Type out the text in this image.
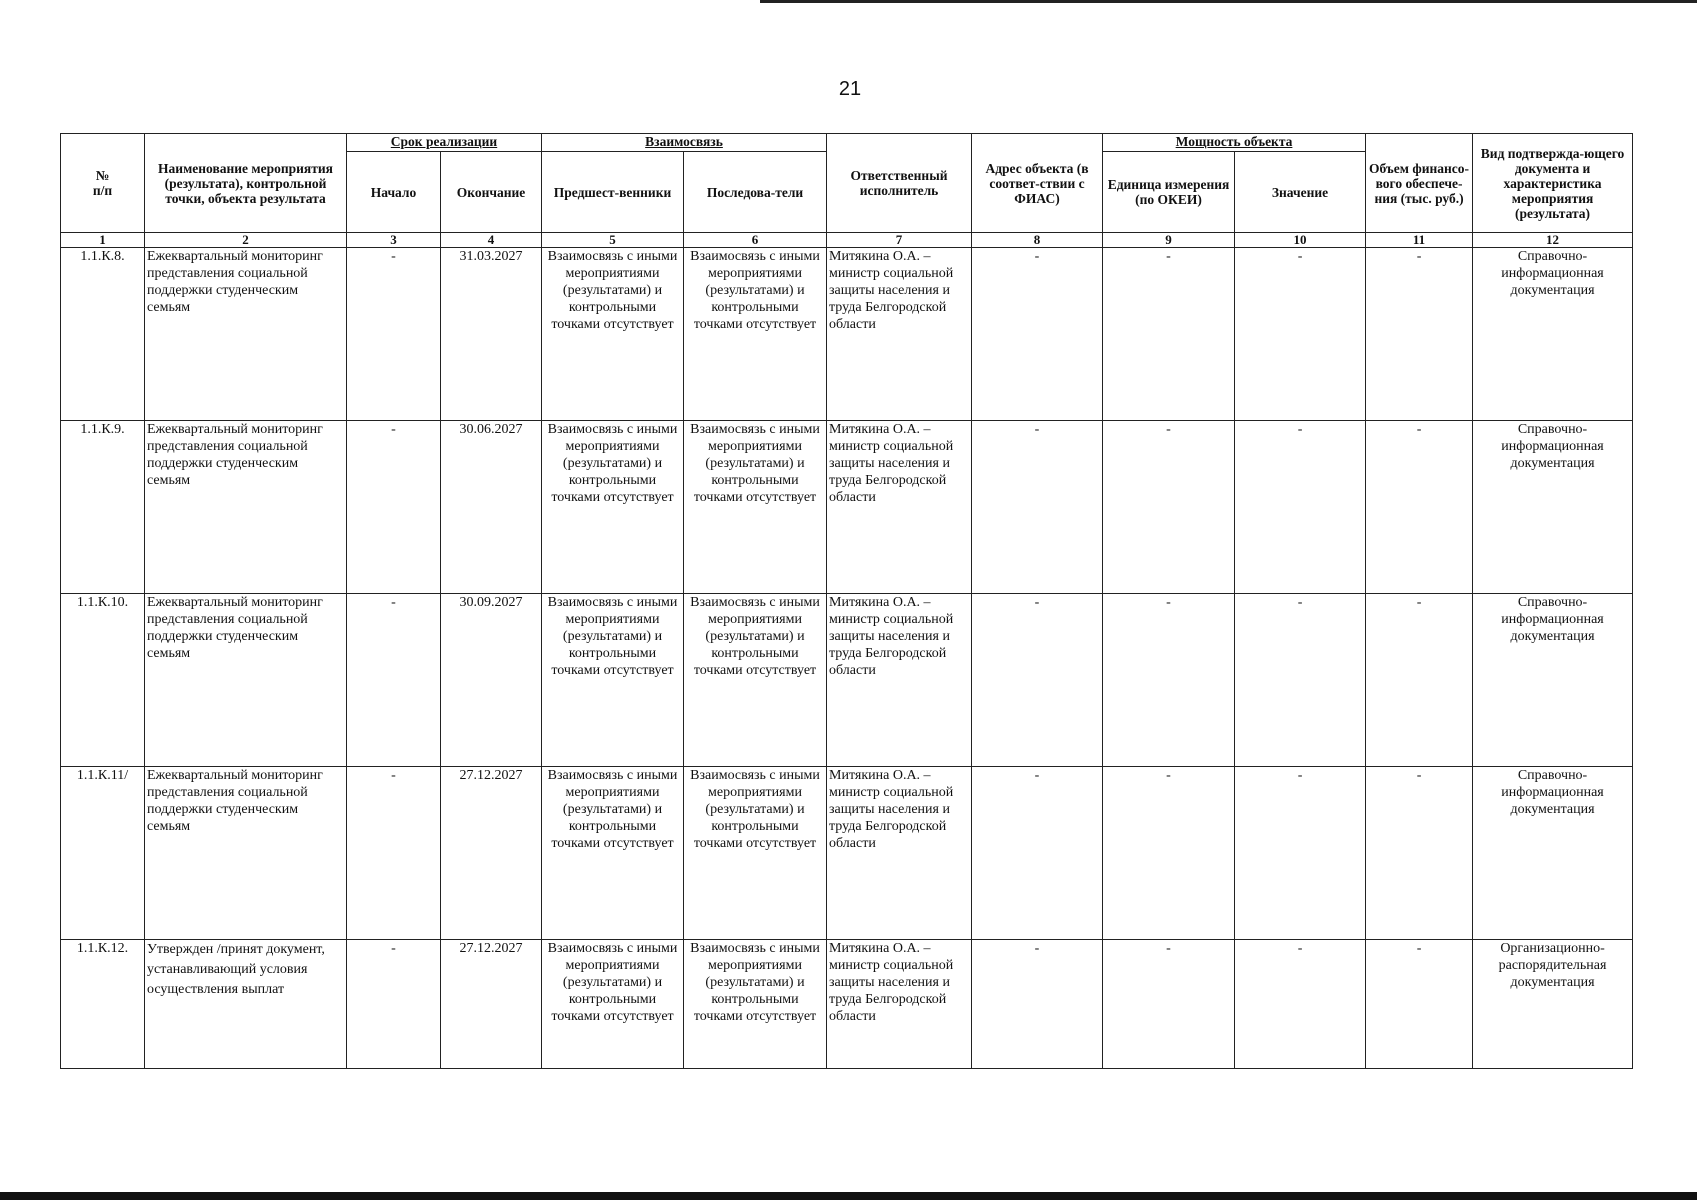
21
№
п/п	Наименование мероприятия (результата), контрольной точки, объекта результата	Срок реализации		Взаимосвязь		Ответственный исполнитель	Адрес объекта (в соответ-ствии с ФИАС)	Мощность объекта		Объем финансо-вого обеспече-ния (тыс. руб.)	Вид подтвержда-ющего документа и характеристика мероприятия (результата)
		Начало	Окончание	Предшест-венники	Последова-тели			Единица измерения (по ОКЕИ)	Значение		
1	2	3	4	5	6	7	8	9	10	11	12
1.1.К.8.	Ежеквартальный мониторинг представления социальной поддержки студенческим семьям	-	31.03.2027	Взаимосвязь с иными мероприятиями (результатами) и контрольными точками отсутствует	Взаимосвязь с иными мероприятиями (результатами) и контрольными точками отсутствует	Митякина О.А. – министр социальной защиты населения и труда Белгородской области	-	-	-	-	Справочно-информационная документация
1.1.К.9.	Ежеквартальный мониторинг представления социальной поддержки студенческим семьям	-	30.06.2027	Взаимосвязь с иными мероприятиями (результатами) и контрольными точками отсутствует	Взаимосвязь с иными мероприятиями (результатами) и контрольными точками отсутствует	Митякина О.А. – министр социальной защиты населения и труда Белгородской области	-	-	-	-	Справочно-информационная документация
1.1.К.10.	Ежеквартальный мониторинг представления социальной поддержки студенческим семьям	-	30.09.2027	Взаимосвязь с иными мероприятиями (результатами) и контрольными точками отсутствует	Взаимосвязь с иными мероприятиями (результатами) и контрольными точками отсутствует	Митякина О.А. – министр социальной защиты населения и труда Белгородской области	-	-	-	-	Справочно-информационная документация
1.1.К.11/	Ежеквартальный мониторинг представления социальной поддержки студенческим семьям	-	27.12.2027	Взаимосвязь с иными мероприятиями (результатами) и контрольными точками отсутствует	Взаимосвязь с иными мероприятиями (результатами) и контрольными точками отсутствует	Митякина О.А. – министр социальной защиты населения и труда Белгородской области	-	-	-	-	Справочно-информационная документация
1.1.К.12.	Утвержден /принят документ, устанавливающий условия осуществления выплат	-	27.12.2027	Взаимосвязь с иными мероприятиями (результатами) и контрольными точками отсутствует	Взаимосвязь с иными мероприятиями (результатами) и контрольными точками отсутствует	Митякина О.А. – министр социальной защиты населения и труда Белгородской области	-	-	-	-	Организационно-распорядительная документация
